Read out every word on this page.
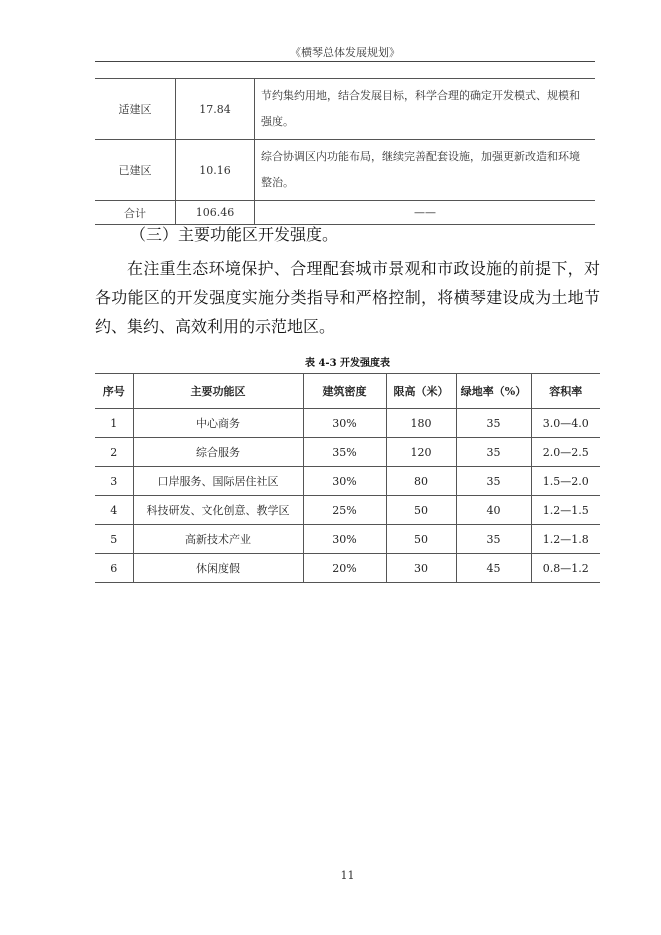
《横琴总体发展规划》
适建区	17.84	节约集约用地，结合发展目标，科学合理的确定开发模式、规模和强度。
已建区	10.16	综合协调区内功能布局，继续完善配套设施，加强更新改造和环境整治。
合计	106.46	——
（三）主要功能区开发强度。
在注重生态环境保护、合理配套城市景观和市政设施的前提下，对各功能区的开发强度实施分类指导和严格控制，将横琴建设成为土地节约、集约、高效利用的示范地区。
表 4-3 开发强度表
序号	主要功能区	建筑密度	限高（米）	绿地率（%）	容积率
1	中心商务	30%	180	35	3.0—4.0
2	综合服务	35%	120	35	2.0—2.5
3	口岸服务、国际居住社区	30%	80	35	1.5—2.0
4	科技研发、文化创意、教学区	25%	50	40	1.2—1.5
5	高新技术产业	30%	50	35	1.2—1.8
6	休闲度假	20%	30	45	0.8—1.2
11
